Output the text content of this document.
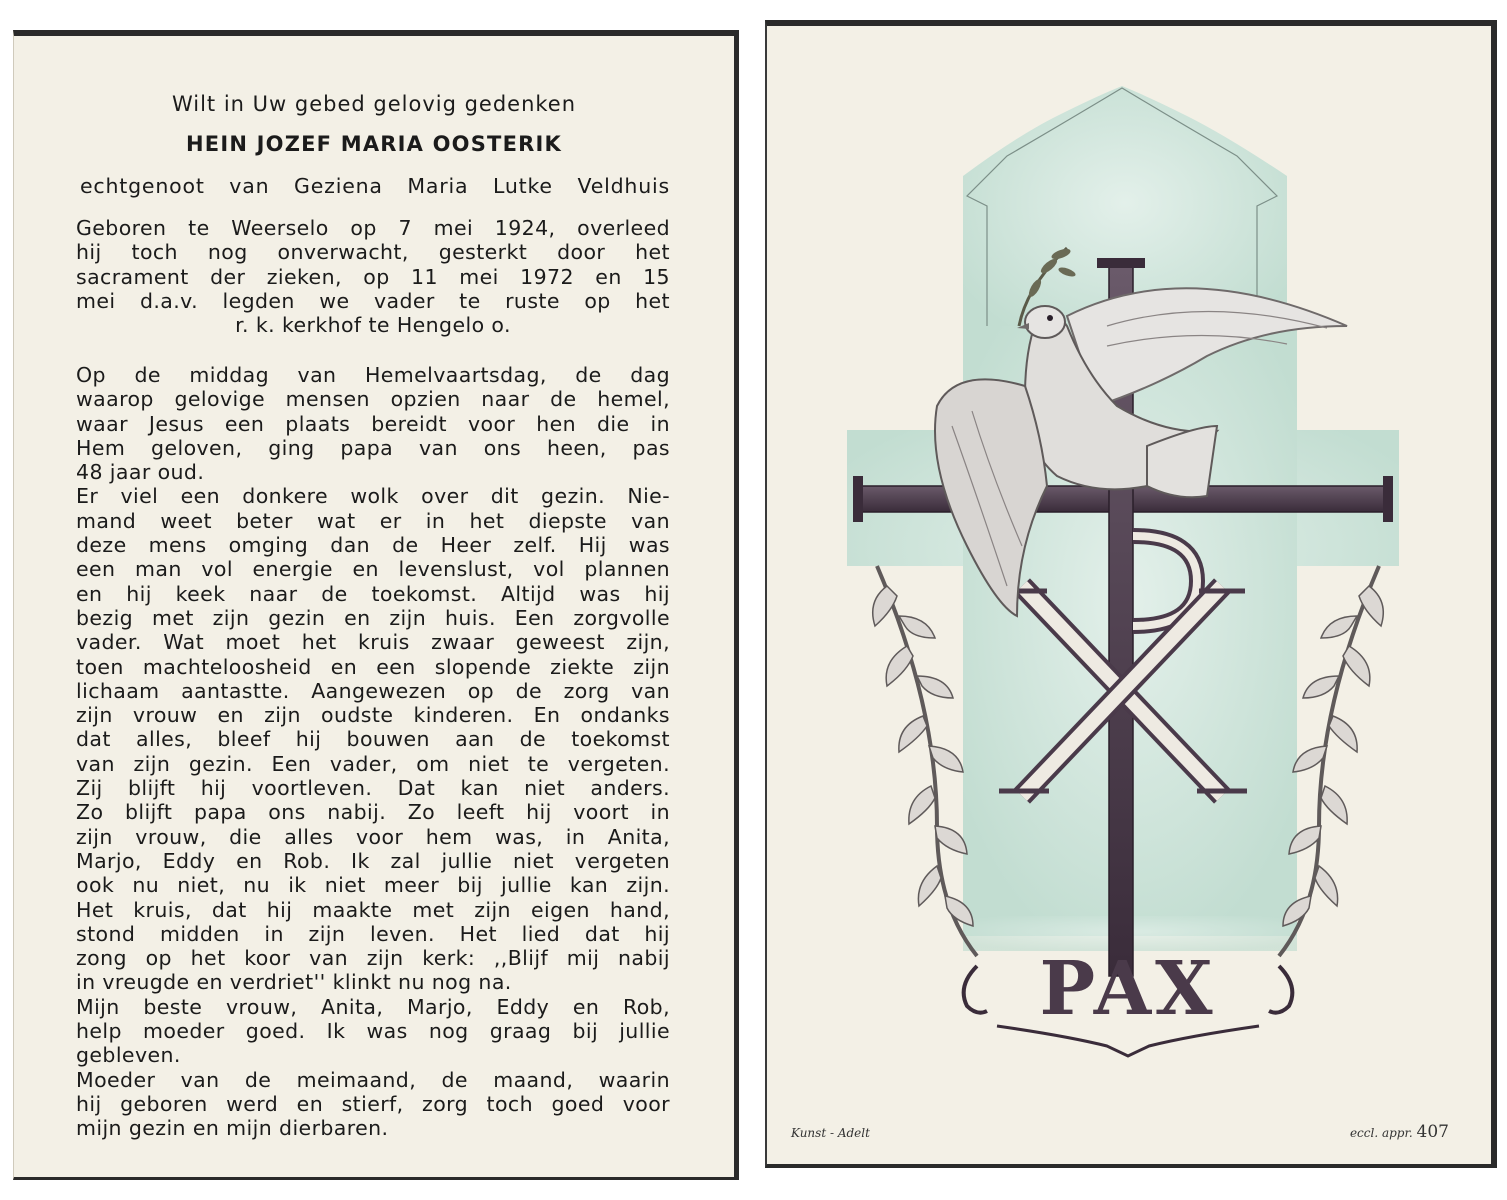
Wilt in Uw gebed gelovig gedenken
HEIN JOZEF MARIA OOSTERIK
echtgenoot van Geziena Maria Lutke Veldhuis
Geboren te Weerselo op 7 mei 1924, overleed
hij toch nog onverwacht, gesterkt door het
sacrament der zieken, op 11 mei 1972 en 15
mei d.a.v. legden we vader te ruste op het
r. k. kerkhof te Hengelo o.
Op de middag van Hemelvaartsdag, de dag
waarop gelovige mensen opzien naar de hemel,
waar Jesus een plaats bereidt voor hen die in
Hem geloven, ging papa van ons heen, pas
48 jaar oud.
Er viel een donkere wolk over dit gezin. Nie-
mand weet beter wat er in het diepste van
deze mens omging dan de Heer zelf. Hij was
een man vol energie en levenslust, vol plannen
en hij keek naar de toekomst. Altijd was hij
bezig met zijn gezin en zijn huis. Een zorgvolle
vader. Wat moet het kruis zwaar geweest zijn,
toen machteloosheid en een slopende ziekte zijn
lichaam aantastte. Aangewezen op de zorg van
zijn vrouw en zijn oudste kinderen. En ondanks
dat alles, bleef hij bouwen aan de toekomst
van zijn gezin. Een vader, om niet te vergeten.
Zij blijft hij voortleven. Dat kan niet anders.
Zo blijft papa ons nabij. Zo leeft hij voort in
zijn vrouw, die alles voor hem was, in Anita,
Marjo, Eddy en Rob. Ik zal jullie niet vergeten
ook nu niet, nu ik niet meer bij jullie kan zijn.
Het kruis, dat hij maakte met zijn eigen hand,
stond midden in zijn leven. Het lied dat hij
zong op het koor van zijn kerk: ,,Blijf mij nabij
in vreugde en verdriet'' klinkt nu nog na.
Mijn beste vrouw, Anita, Marjo, Eddy en Rob,
help moeder goed. Ik was nog graag bij jullie
gebleven.
Moeder van de meimaand, de maand, waarin
hij geboren werd en stierf, zorg toch goed voor
mijn gezin en mijn dierbaren.
PAX
Kunst - Adelt	eccl. appr. 407
